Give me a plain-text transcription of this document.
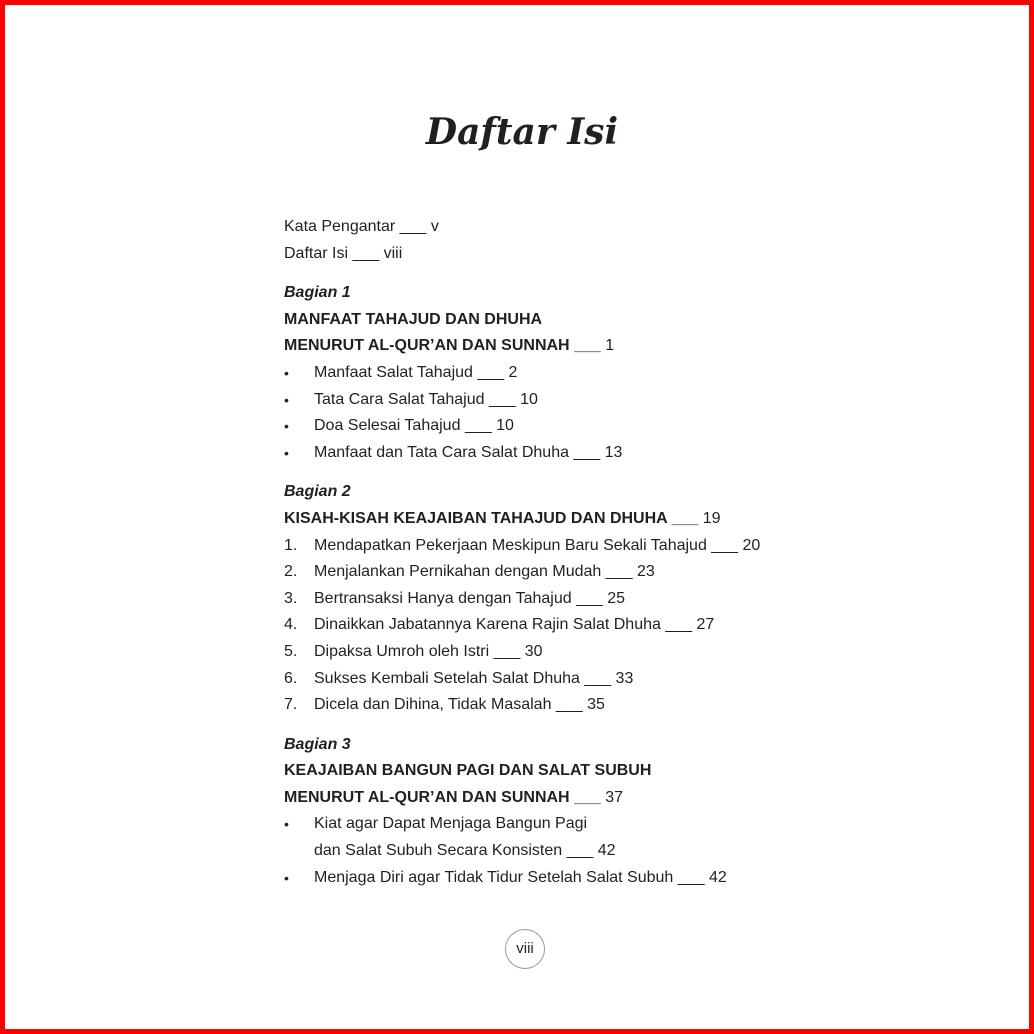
Daftar Isi
Kata Pengantar ___ v
Daftar Isi ___ viii
Bagian 1
MANFAAT TAHAJUD DAN DHUHA
MENURUT AL-QUR’AN DAN SUNNAH ___ 1
•	Manfaat Salat Tahajud ___ 2
•	Tata Cara Salat Tahajud ___ 10
•	Doa Selesai Tahajud ___ 10
•	Manfaat dan Tata Cara Salat Dhuha ___ 13
Bagian 2
KISAH-KISAH KEAJAIBAN TAHAJUD DAN DHUHA ___ 19
1.	Mendapatkan Pekerjaan Meskipun Baru Sekali Tahajud ___ 20
2.	Menjalankan Pernikahan dengan Mudah ___ 23
3.	Bertransaksi Hanya dengan Tahajud ___ 25
4.	Dinaikkan Jabatannya Karena Rajin Salat Dhuha ___ 27
5.	Dipaksa Umroh oleh Istri ___ 30
6.	Sukses Kembali Setelah Salat Dhuha ___ 33
7.	Dicela dan Dihina, Tidak Masalah ___ 35
Bagian 3
KEAJAIBAN BANGUN PAGI DAN SALAT SUBUH
MENURUT AL-QUR’AN DAN SUNNAH ___ 37
•	Kiat agar Dapat Menjaga Bangun Pagi
dan Salat Subuh Secara Konsisten ___ 42
•	Menjaga Diri agar Tidak Tidur Setelah Salat Subuh ___ 42
viii
